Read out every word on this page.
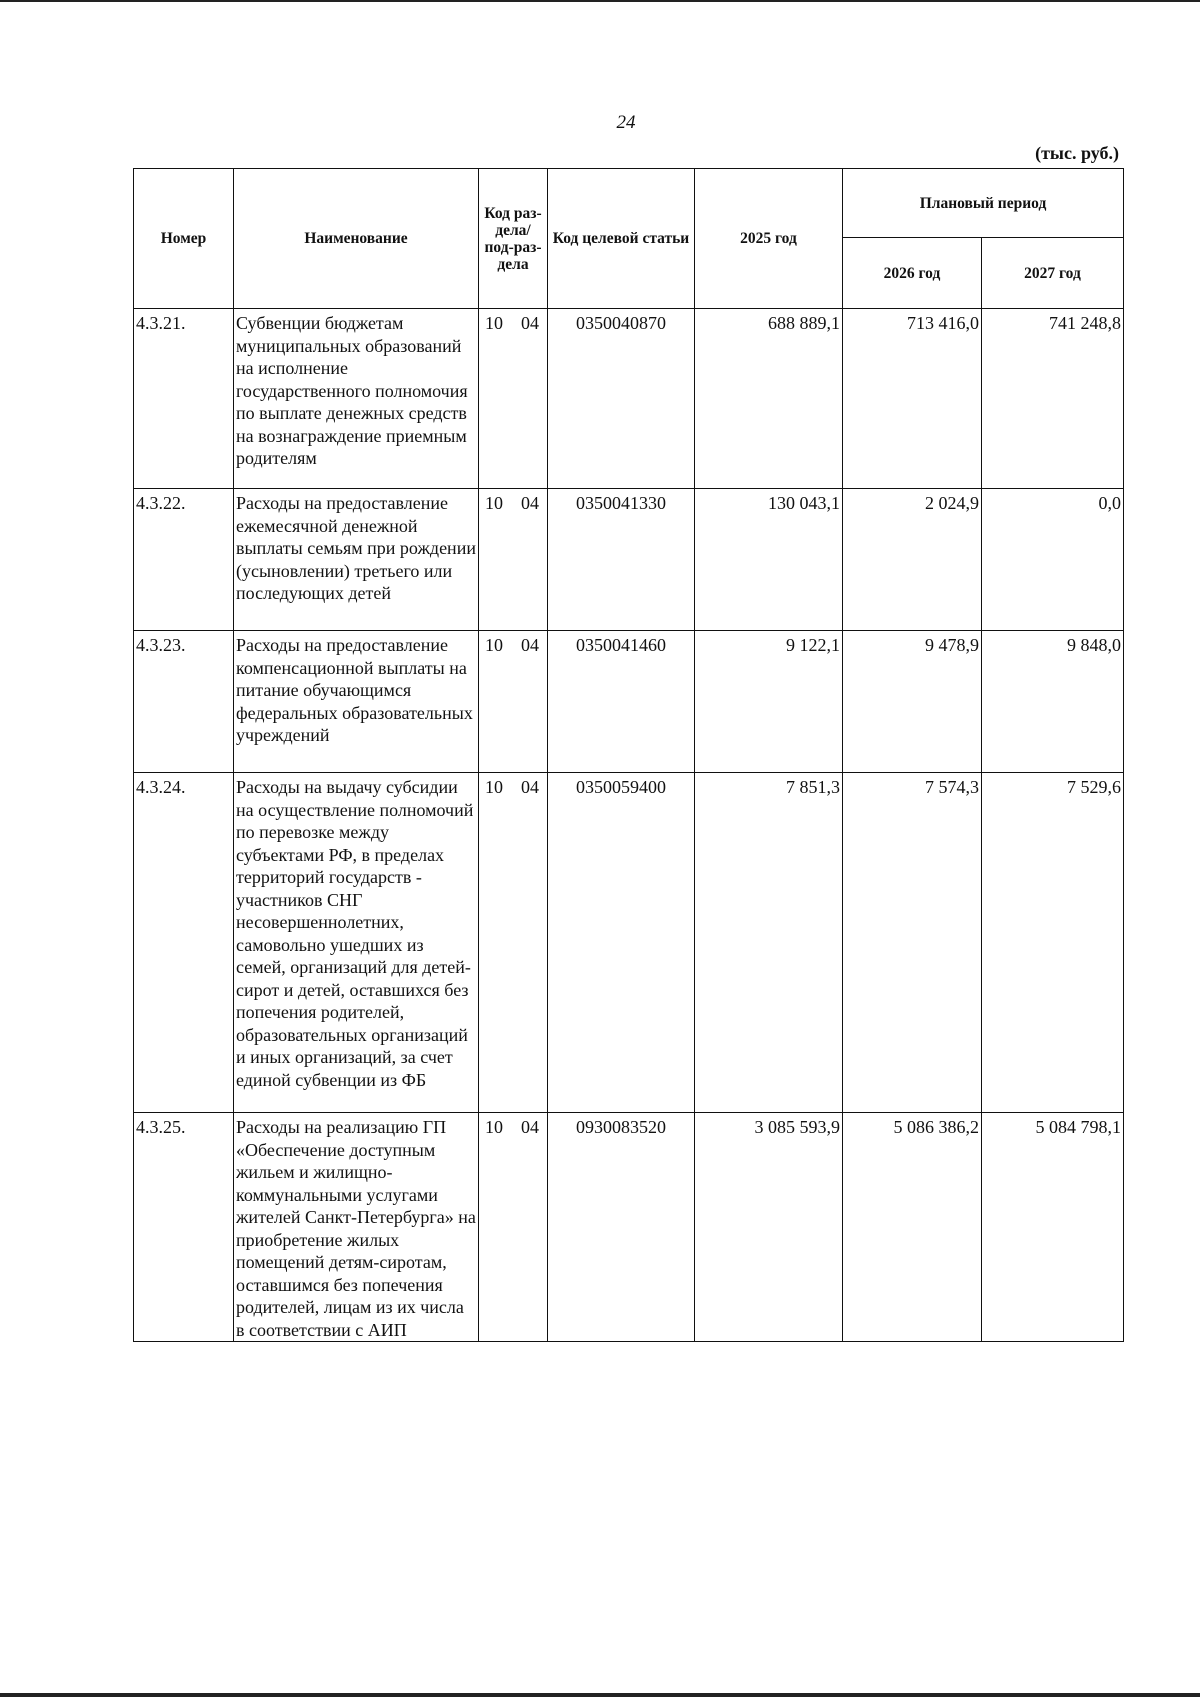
24
(тыс. руб.)
Номер	Наименование	Код раз-дела/ под-раз-дела	Код целевой статьи	2025 год	Плановый период	
					2026 год	2027 год
4.3.21.	Субвенции бюджетам муниципальных образований на исполнение государственного полномочия по выплате денежных средств на вознаграждение приемным родителям	10 04	0350040870	688 889,1	713 416,0	741 248,8
4.3.22.	Расходы на предоставление ежемесячной денежной выплаты семьям при рождении (усыновлении) третьего или последующих детей	10 04	0350041330	130 043,1	2 024,9	0,0
4.3.23.	Расходы на предоставление компенсационной выплаты на питание обучающимся федеральных образовательных учреждений	10 04	0350041460	9 122,1	9 478,9	9 848,0
4.3.24.	Расходы на выдачу субсидии на осуществление полномочий по перевозке между субъектами РФ, в пределах территорий государств - участников СНГ несовершеннолетних, самовольно ушедших из семей, организаций для детей-сирот и детей, оставшихся без попечения родителей, образовательных организаций и иных организаций, за счет единой субвенции из ФБ	10 04	0350059400	7 851,3	7 574,3	7 529,6
4.3.25.	Расходы на реализацию ГП «Обеспечение доступным жильем и жилищно-коммунальными услугами жителей Санкт-Петербурга» на приобретение жилых помещений детям-сиротам, оставшимся без попечения родителей, лицам из их числа в соответствии с АИП	10 04	0930083520	3 085 593,9	5 086 386,2	5 084 798,1
